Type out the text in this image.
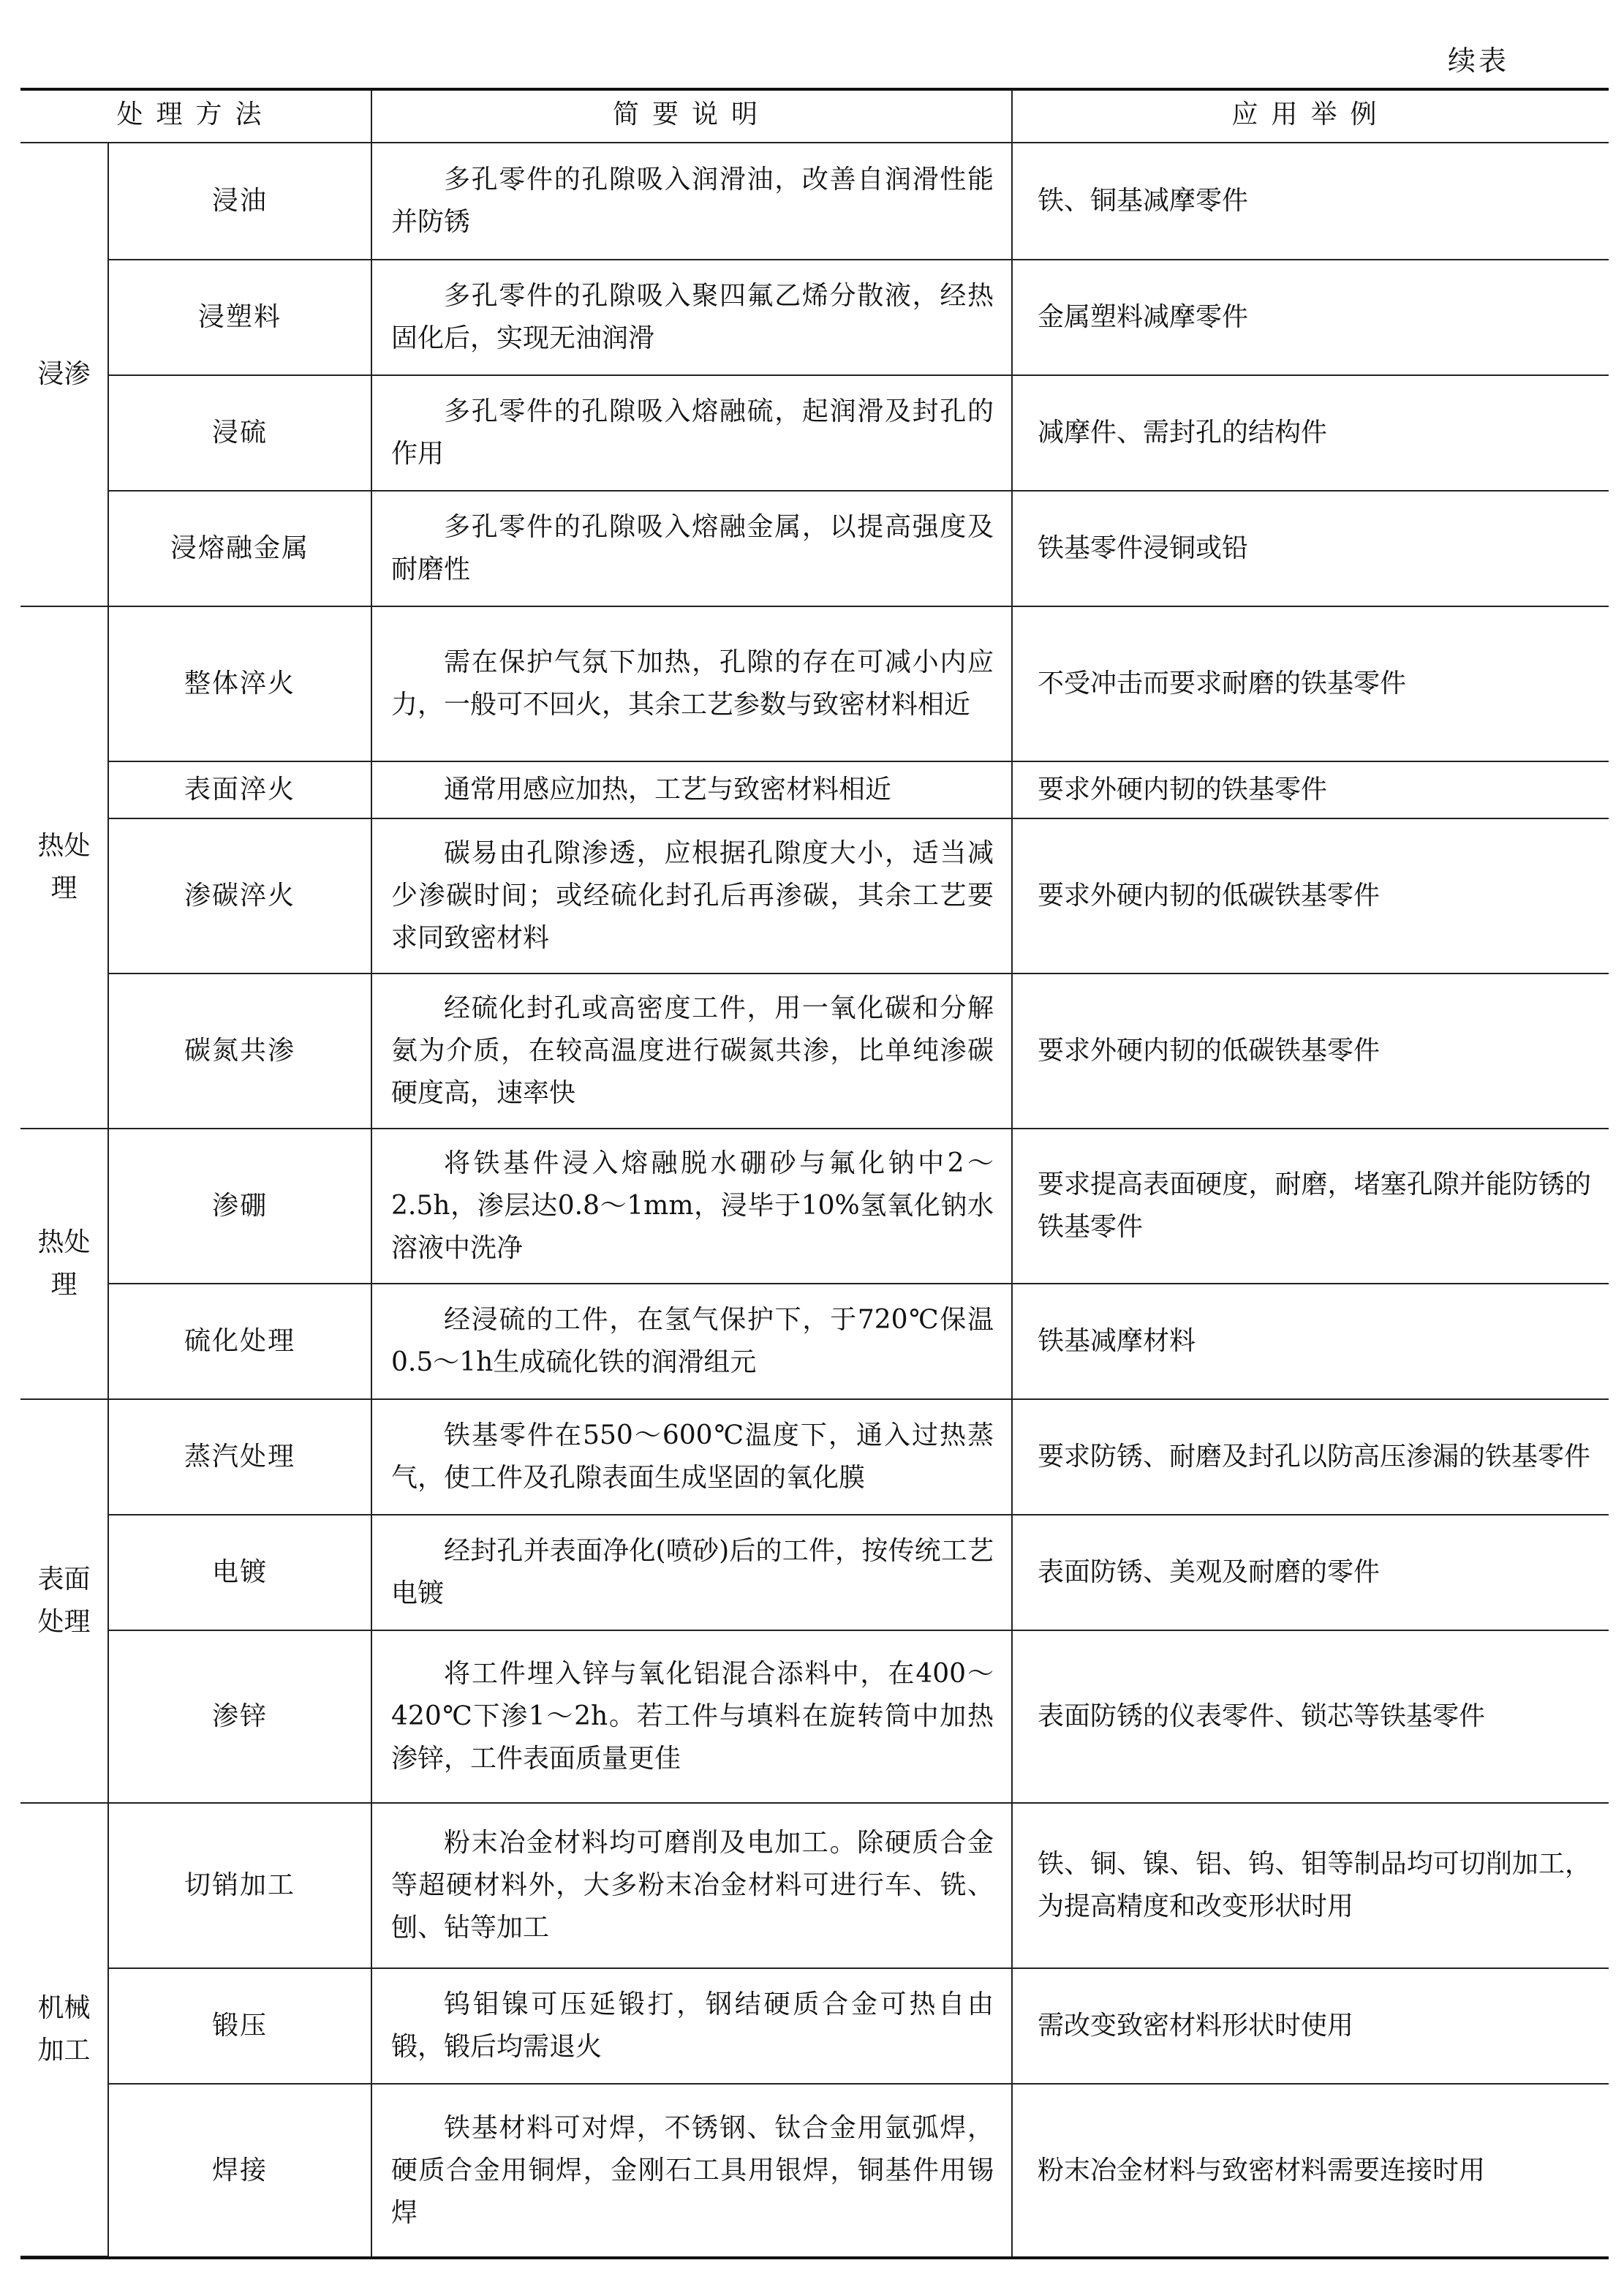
续表
处理方法		简要说明	应用举例
浸渗	浸油	多孔零件的孔隙吸入润滑油，改善自润滑性能并防锈	铁、铜基减摩零件
	浸塑料	多孔零件的孔隙吸入聚四氟乙烯分散液，经热固化后，实现无油润滑	金属塑料减摩零件
	浸硫	多孔零件的孔隙吸入熔融硫，起润滑及封孔的作用	减摩件、需封孔的结构件
	浸熔融金属	多孔零件的孔隙吸入熔融金属，以提高强度及耐磨性	铁基零件浸铜或铅
热处理	整体淬火	需在保护气氛下加热，孔隙的存在可减小内应力，一般可不回火，其余工艺参数与致密材料相近	不受冲击而要求耐磨的铁基零件
	表面淬火	通常用感应加热，工艺与致密材料相近	要求外硬内韧的铁基零件
	渗碳淬火	碳易由孔隙渗透，应根据孔隙度大小，适当减少渗碳时间；或经硫化封孔后再渗碳，其余工艺要求同致密材料	要求外硬内韧的低碳铁基零件
	碳氮共渗	经硫化封孔或高密度工件，用一氧化碳和分解氨为介质，在较高温度进行碳氮共渗，比单纯渗碳硬度高，速率快	要求外硬内韧的低碳铁基零件
热处理	渗硼	将铁基件浸入熔融脱水硼砂与氟化钠中2～2.5h，渗层达0.8～1mm，浸毕于10%氢氧化钠水溶液中洗净	要求提高表面硬度，耐磨，堵塞孔隙并能防锈的铁基零件
	硫化处理	经浸硫的工件，在氢气保护下，于720℃保温0.5～1h生成硫化铁的润滑组元	铁基减摩材料
表面处理	蒸汽处理	铁基零件在550～600℃温度下，通入过热蒸气，使工件及孔隙表面生成坚固的氧化膜	要求防锈、耐磨及封孔以防高压渗漏的铁基零件
	电镀	经封孔并表面净化(喷砂)后的工件，按传统工艺电镀	表面防锈、美观及耐磨的零件
	渗锌	将工件埋入锌与氧化铝混合添料中，在400～420℃下渗1～2h。若工件与填料在旋转筒中加热渗锌，工件表面质量更佳	表面防锈的仪表零件、锁芯等铁基零件
机械加工	切销加工	粉末冶金材料均可磨削及电加工。除硬质合金等超硬材料外，大多粉末冶金材料可进行车、铣、刨、钻等加工	铁、铜、镍、铝、钨、钼等制品均可切削加工，为提高精度和改变形状时用
	锻压	钨钼镍可压延锻打，钢结硬质合金可热自由锻，锻后均需退火	需改变致密材料形状时使用
	焊接	铁基材料可对焊，不锈钢、钛合金用氩弧焊，硬质合金用铜焊，金刚石工具用银焊，铜基件用锡焊	粉末冶金材料与致密材料需要连接时用
